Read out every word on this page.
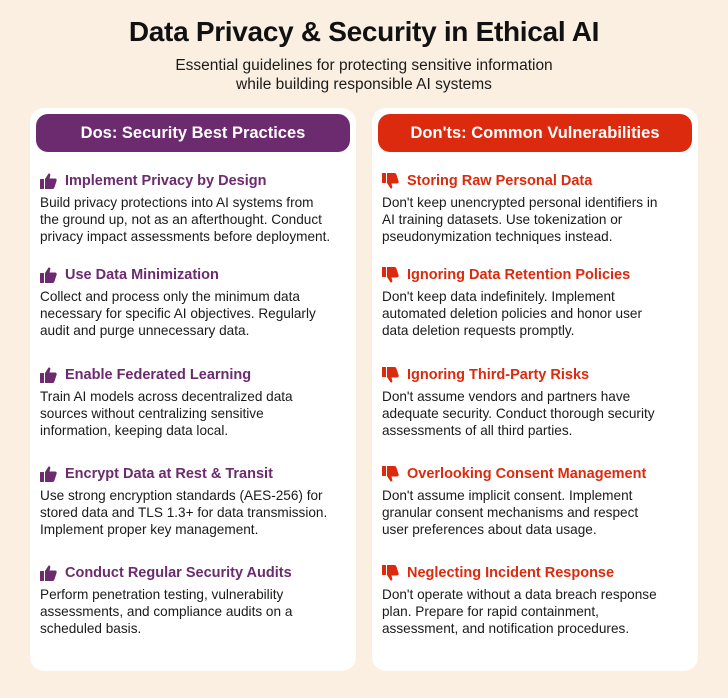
Data Privacy & Security in Ethical AI
Essential guidelines for protecting sensitive information
while building responsible AI systems
Dos: Security Best Practices
Implement Privacy by Design
Build privacy protections into AI systems from
the ground up, not as an afterthought. Conduct
privacy impact assessments before deployment.
Use Data Minimization
Collect and process only the minimum data
necessary for specific AI objectives. Regularly
audit and purge unnecessary data.
Enable Federated Learning
Train AI models across decentralized data
sources without centralizing sensitive
information, keeping data local.
Encrypt Data at Rest & Transit
Use strong encryption standards (AES-256) for
stored data and TLS 1.3+ for data transmission.
Implement proper key management.
Conduct Regular Security Audits
Perform penetration testing, vulnerability
assessments, and compliance audits on a
scheduled basis.
Don'ts: Common Vulnerabilities
Storing Raw Personal Data
Don't keep unencrypted personal identifiers in
AI training datasets. Use tokenization or
pseudonymization techniques instead.
Ignoring Data Retention Policies
Don't keep data indefinitely. Implement
automated deletion policies and honor user
data deletion requests promptly.
Ignoring Third-Party Risks
Don't assume vendors and partners have
adequate security. Conduct thorough security
assessments of all third parties.
Overlooking Consent Management
Don't assume implicit consent. Implement
granular consent mechanisms and respect
user preferences about data usage.
Neglecting Incident Response
Don't operate without a data breach response
plan. Prepare for rapid containment,
assessment, and notification procedures.
